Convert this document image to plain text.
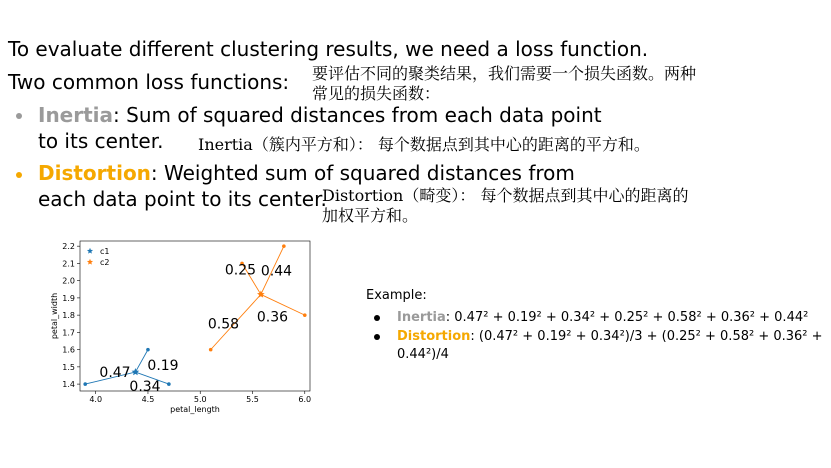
To evaluate different clustering results, we need a loss function.
Two common loss functions: 要评估不同的聚类结果，我们需要一个损失函数。两种
常见的损失函数：
Inertia: Sum of squared distances from each data point
to its center. Inertia（簇内平方和）： 每个数据点到其中心的距离的平方和。
Distortion: Weighted sum of squared distances from
each data point to its center.
Distortion（畸变）： 每个数据点到其中心的距离的
加权平方和。
4.0	4.5	5.0	5.5	6.0
1.4
1.5
1.6
1.7
1.8
1.9
2.0
2.1
2.2
petal_length
petal_width
0.47 0.19
0.34
0.25
0.58 0.36
0.44
c1
c2
Example:
Inertia: 0.47² + 0.19² + 0.34² + 0.25² + 0.58² + 0.36² + 0.44²
Distortion: (0.47² + 0.19² + 0.34²)/3 + (0.25² + 0.58² + 0.36² +
0.44²)/4
